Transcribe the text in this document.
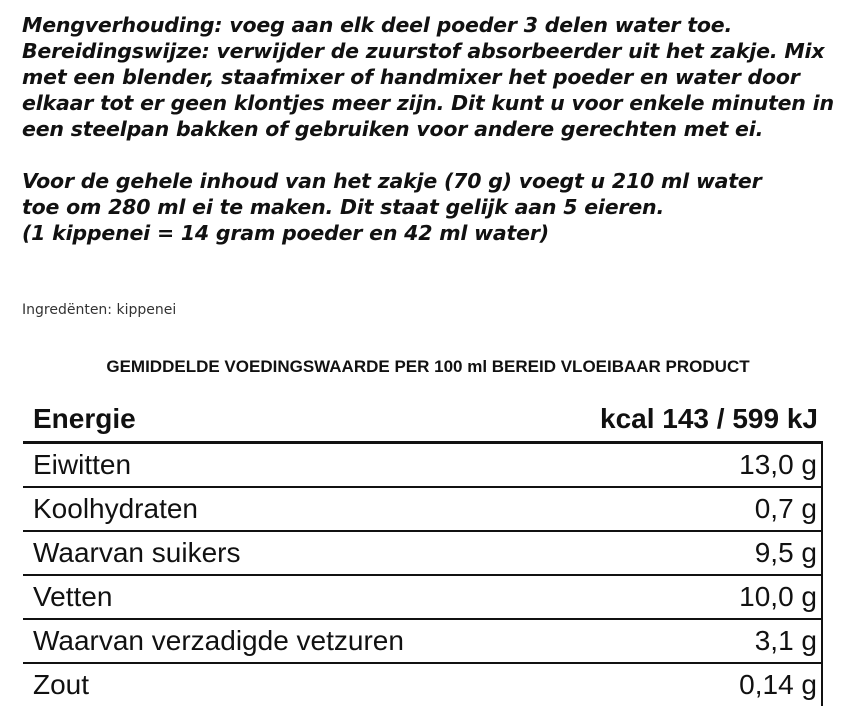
Mengverhouding: voeg aan elk deel poeder 3 delen water toe.

Bereidingswijze: verwijder de zuurstof absorbeerder uit het zakje. Mix
met een blender, staafmixer of handmixer het poeder en water door
elkaar tot er geen klontjes meer zijn. Dit kunt u voor enkele minuten in
een steelpan bakken of gebruiken voor andere gerechten met ei.

Voor de gehele inhoud van het zakje (70 g) voegt u 210 ml water
toe om 280 ml ei te maken. Dit staat gelijk aan 5 eieren.
(1 kippenei = 14 gram poeder en 42 ml water)

Ingredënten: kippenei
GEMIDDELDE VOEDINGSWAARDE PER 100 ml BEREID VLOEIBAAR PRODUCT
Energie	kcal 143 / 599 kJ
Eiwitten	13,0 g
Koolhydraten	0,7 g
Waarvan suikers	9,5 g
Vetten	10,0 g
Waarvan verzadigde vetzuren	3,1 g
Zout	0,14 g
